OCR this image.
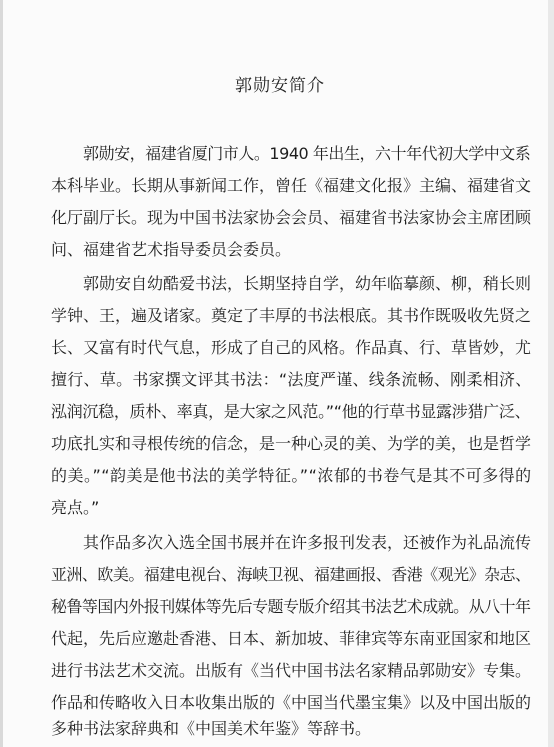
郭勋安简介
郭勋安，福建省厦门市人。1940 年出生，六十年代初大学中文系
本科毕业。长期从事新闻工作，曾任《福建文化报》主编、福建省文
化厅副厅长。现为中国书法家协会会员、福建省书法家协会主席团顾
问、福建省艺术指导委员会委员。
郭勋安自幼酷爱书法，长期坚持自学，幼年临摹颜、柳，稍长则
学钟、王，遍及诸家。奠定了丰厚的书法根底。其书作既吸收先贤之
长、又富有时代气息，形成了自己的风格。作品真、行、草皆妙，尤
擅行、草。书家撰文评其书法：“法度严谨、线条流畅、刚柔相济、
泓润沉稳，质朴、率真，是大家之风范。”“他的行草书显露涉猎广泛、
功底扎实和寻根传统的信念，是一种心灵的美、为学的美，也是哲学
的美。”“韵美是他书法的美学特征。”“浓郁的书卷气是其不可多得的
亮点。”
其作品多次入选全国书展并在许多报刊发表，还被作为礼品流传
亚洲、欧美。福建电视台、海峡卫视、福建画报、香港《观光》杂志、
秘鲁等国内外报刊媒体等先后专题专版介绍其书法艺术成就。从八十年
代起，先后应邀赴香港、日本、新加坡、菲律宾等东南亚国家和地区
进行书法艺术交流。出版有《当代中国书法名家精品郭勋安》专集。
作品和传略收入日本收集出版的《中国当代墨宝集》以及中国出版的
多种书法家辞典和《中国美术年鉴》等辞书。
